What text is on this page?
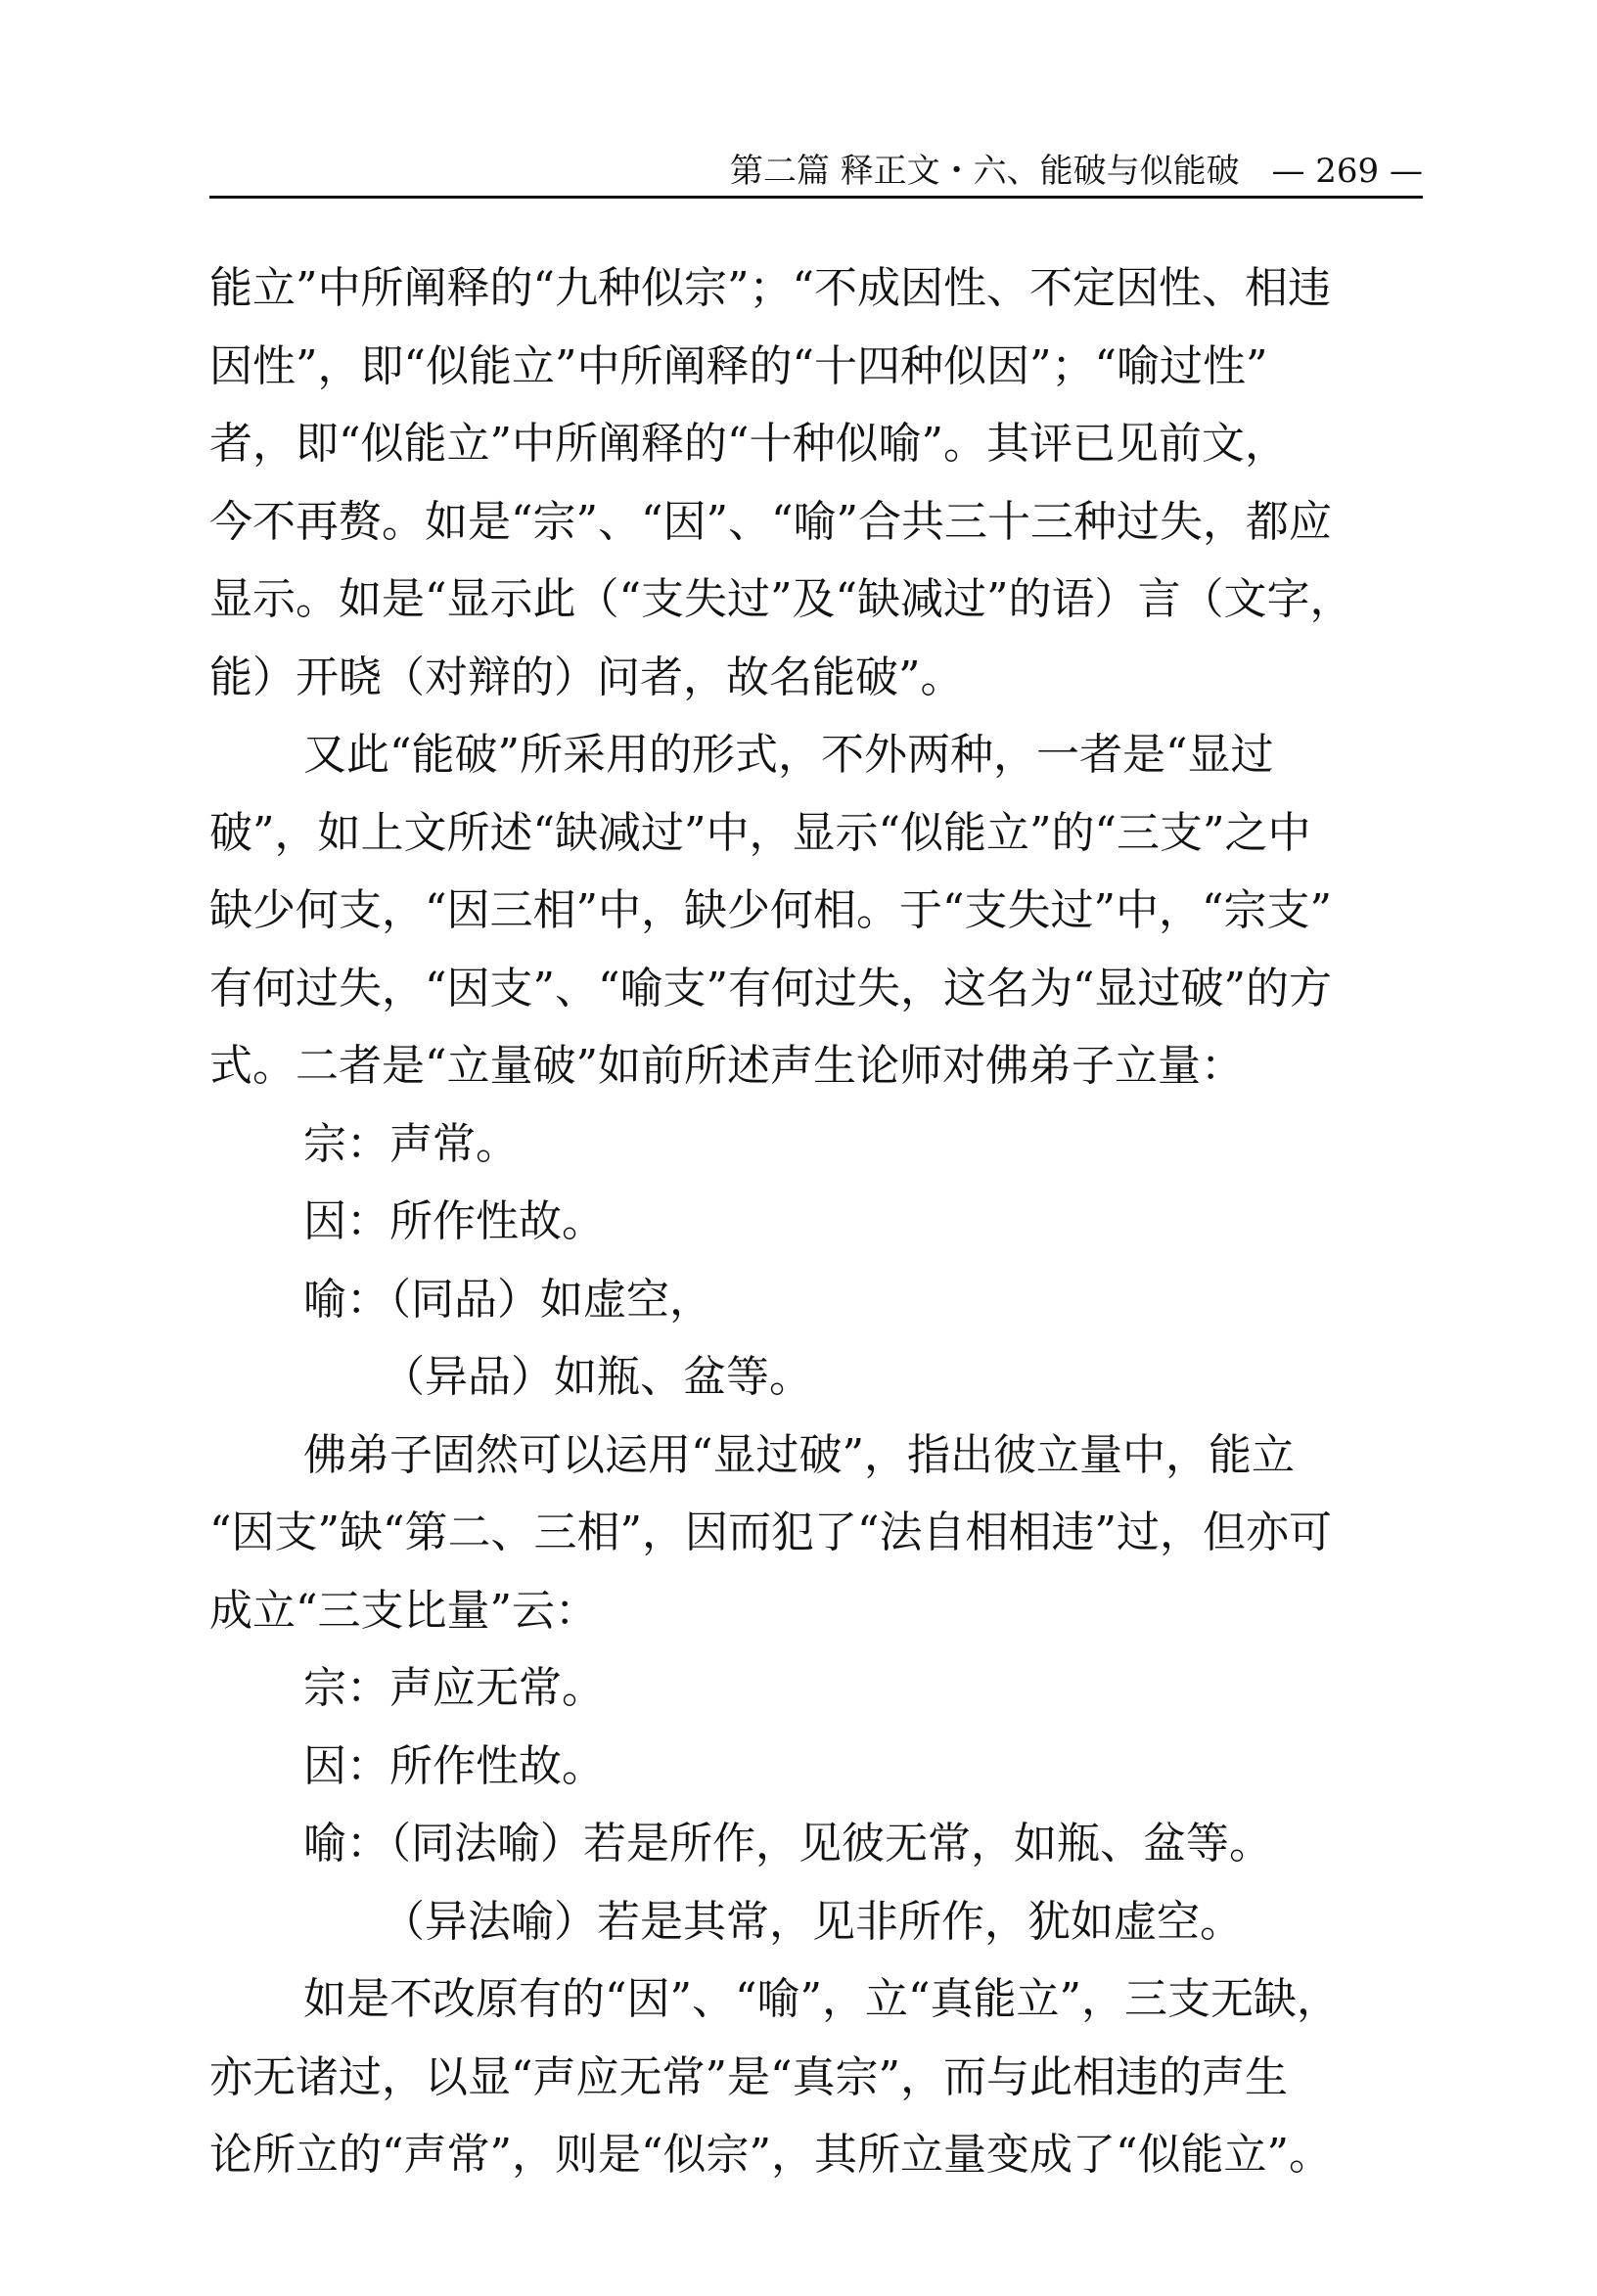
第二篇 释正文・六、能破与似能破 — 269 —
能立”中所阐释的“九种似宗”；“不成因性、不定因性、相违
因性”，即“似能立”中所阐释的“十四种似因”；“喻过性”
者，即“似能立”中所阐释的“十种似喻”。其评已见前文，
今不再赘。如是“宗”、“因”、“喻”合共三十三种过失，都应
显示。如是“显示此（“支失过”及“缺减过”的语）言（文字，
能）开晓（对辩的）问者，故名能破”。
又此“能破”所采用的形式，不外两种，一者是“显过
破”，如上文所述“缺减过”中，显示“似能立”的“三支”之中
缺少何支，“因三相”中，缺少何相。于“支失过”中，“宗支”
有何过失，“因支”、“喻支”有何过失，这名为“显过破”的方
式。二者是“立量破”如前所述声生论师对佛弟子立量：
宗：声常。
因：所作性故。
喻：（同品）如虚空，
（异品）如瓶、盆等。
佛弟子固然可以运用“显过破”，指出彼立量中，能立
“因支”缺“第二、三相”，因而犯了“法自相相违”过，但亦可
成立“三支比量”云：
宗：声应无常。
因：所作性故。
喻：（同法喻）若是所作，见彼无常，如瓶、盆等。
（异法喻）若是其常，见非所作，犹如虚空。
如是不改原有的“因”、“喻”，立“真能立”，三支无缺，
亦无诸过，以显“声应无常”是“真宗”，而与此相违的声生
论所立的“声常”，则是“似宗”，其所立量变成了“似能立”。
